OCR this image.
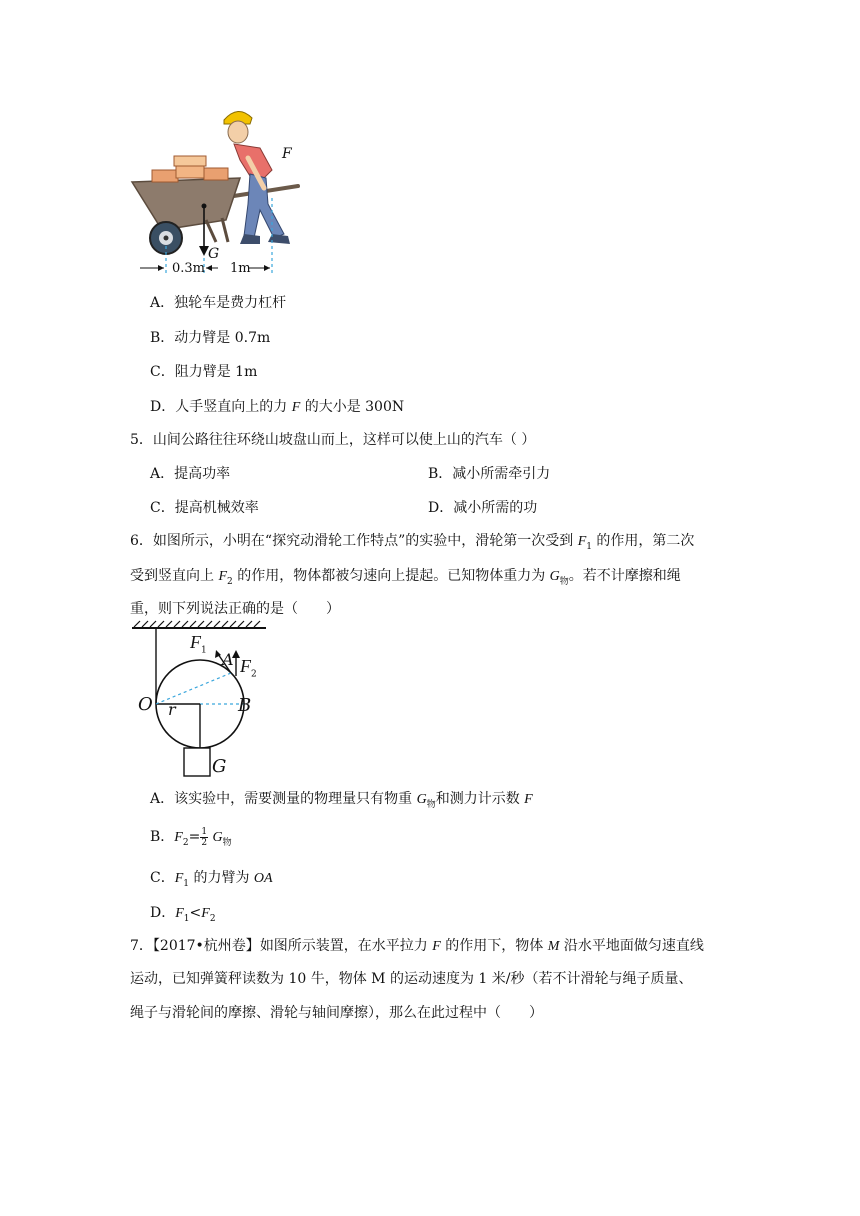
F
G
0.3m 1m
A．独轮车是费力杠杆
B．动力臂是 0.7m
C．阻力臂是 1m
D．人手竖直向上的力 F 的大小是 300N
5．山间公路往往环绕山坡盘山而上，这样可以使上山的汽车（ ）
A．提高功率	B．减小所需牵引力
C．提高机械效率	D．减小所需的功
6．如图所示，小明在“探究动滑轮工作特点”的实验中，滑轮第一次受到 $F_1$ 的作用，第二次
受到竖直向上 $F_2$ 的作用，物体都被匀速向上提起。已知物体重力为 $G_物$。若不计摩擦和绳
重，则下列说法正确的是（　　）
$F_1$ A $F_2$
O r	B
G
A．该实验中，需要测量的物理量只有物重 $G_物$和测力计示数 F
B．$F_2= \frac{1}{2} G_物$
C．$F_1$ 的力臂为 OA
D．$F_1<F_2$
7．【2017•杭州卷】如图所示装置，在水平拉力 F 的作用下，物体 M 沿水平地面做匀速直线
运动，已知弹簧秤读数为 10 牛，物体 M 的运动速度为 1 米/秒（若不计滑轮与绳子质量、
绳子与滑轮间的摩擦、滑轮与轴间摩擦），那么在此过程中（　　）
